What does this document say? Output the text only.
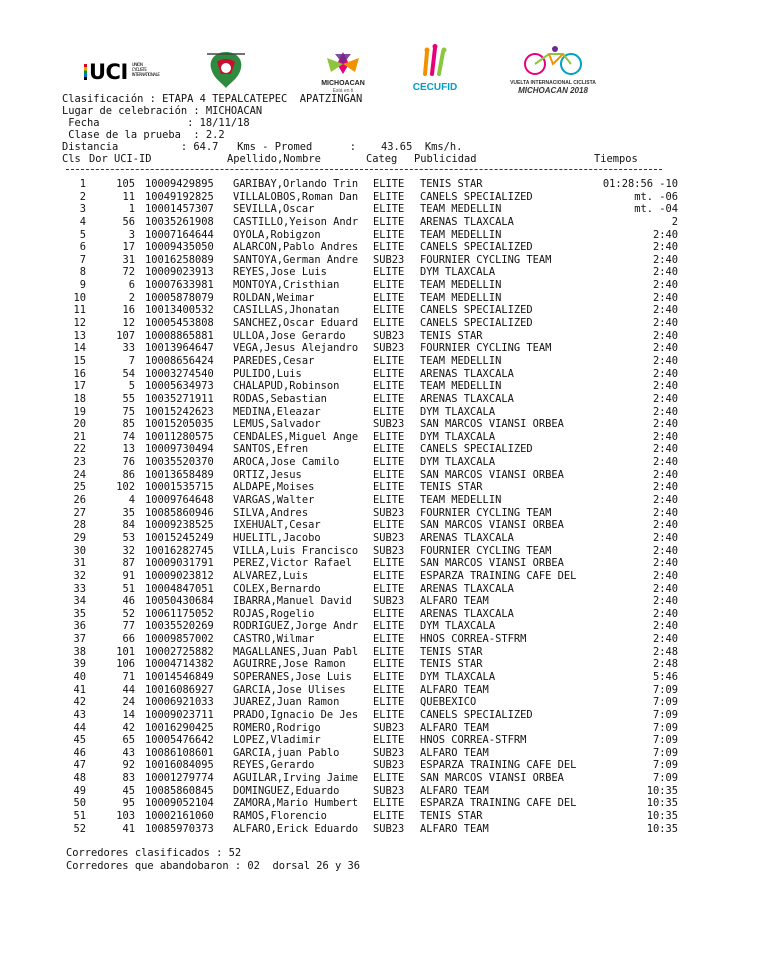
UCI UNION CYCLISTE INTERNATIONALE
MICHOACAN
Está en ti	CECUFID	VUELTA INTERNACIONAL CICLISTA
MICHOACAN 2018
Clasificación : ETAPA 4 TEPALCATEPEC  APATZINGAN
Lugar de celebración : MICHOACAN
Fecha              : 18/11/18
Clase de la prueba  : 2.2
Distancia          : 64.7   Kms - Promed      :    43.65  Kms/h.
Cls Dor UCI-ID	Apellido,Nombre	Categ Publicidad	Tiempos
1	105 10009429895 GARIBAY,Orlando Trin	ELITE TENIS STAR	01:28:56 -10
2	11 10049192825 VILLALOBOS,Roman Dan	ELITE CANELS SPECIALIZED	mt. -06
3	1 10001457307 SEVILLA,Oscar	ELITE TEAM MEDELLIN	mt. -04
4	56 10035261908 CASTILLO,Yeison Andr	ELITE ARENAS TLAXCALA	2
5	3 10007164644 OYOLA,Robigzon	ELITE TEAM MEDELLIN	2:40
6	17 10009435050 ALARCON,Pablo Andres	ELITE CANELS SPECIALIZED	2:40
7	31 10016258089 SANTOYA,German Andre	SUB23 FOURNIER CYCLING TEAM	2:40
8	72 10009023913 REYES,Jose Luis	ELITE DYM TLAXCALA	2:40
9	6 10007633981 MONTOYA,Cristhian	ELITE TEAM MEDELLIN	2:40
10	2 10005878079 ROLDAN,Weimar	ELITE TEAM MEDELLIN	2:40
11	16 10013400532 CASILLAS,Jhonatan	ELITE CANELS SPECIALIZED	2:40
12	12 10005453808 SANCHEZ,Oscar Eduard	ELITE CANELS SPECIALIZED	2:40
13	107 10008865881 ULLOA,Jose Gerardo	SUB23 TENIS STAR	2:40
14	33 10013964647 VEGA,Jesus Alejandro	SUB23 FOURNIER CYCLING TEAM	2:40
15	7 10008656424 PAREDES,Cesar	ELITE TEAM MEDELLIN	2:40
16	54 10003274540 PULIDO,Luis	ELITE ARENAS TLAXCALA	2:40
17	5 10005634973 CHALAPUD,Robinson	ELITE TEAM MEDELLIN	2:40
18	55 10035271911 RODAS,Sebastian	ELITE ARENAS TLAXCALA	2:40
19	75 10015242623 MEDINA,Eleazar	ELITE DYM TLAXCALA	2:40
20	85 10015205035 LEMUS,Salvador	SUB23 SAN MARCOS VIANSI ORBEA	2:40
21	74 10011280575 CENDALES,Miguel Ange	ELITE DYM TLAXCALA	2:40
22	13 10009730494 SANTOS,Efren	ELITE CANELS SPECIALIZED	2:40
23	76 10035520370 AROCA,Jose Camilo	ELITE DYM TLAXCALA	2:40
24	86 10013658489 ORTIZ,Jesus	ELITE SAN MARCOS VIANSI ORBEA	2:40
25	102 10001535715 ALDAPE,Moises	ELITE TENIS STAR	2:40
26	4 10009764648 VARGAS,Walter	ELITE TEAM MEDELLIN	2:40
27	35 10085860946 SILVA,Andres	SUB23 FOURNIER CYCLING TEAM	2:40
28	84 10009238525 IXEHUALT,Cesar	ELITE SAN MARCOS VIANSI ORBEA	2:40
29	53 10015245249 HUELITL,Jacobo	SUB23 ARENAS TLAXCALA	2:40
30	32 10016282745 VILLA,Luis Francisco	SUB23 FOURNIER CYCLING TEAM	2:40
31	87 10009031791 PEREZ,Victor Rafael	ELITE SAN MARCOS VIANSI ORBEA	2:40
32	91 10009023812 ALVAREZ,Luis	ELITE ESPARZA TRAINING CAFE DEL	2:40
33	51 10004847051 COLEX,Bernardo	ELITE ARENAS TLAXCALA	2:40
34	46 10050430684 IBARRA,Manuel David	SUB23 ALFARO TEAM	2:40
35	52 10061175052 ROJAS,Rogelio	ELITE ARENAS TLAXCALA	2:40
36	77 10035520269 RODRIGUEZ,Jorge Andr	ELITE DYM TLAXCALA	2:40
37	66 10009857002 CASTRO,Wilmar	ELITE HNOS CORREA-STFRM	2:40
38	101 10002725882 MAGALLANES,Juan Pabl	ELITE TENIS STAR	2:48
39	106 10004714382 AGUIRRE,Jose Ramon	ELITE TENIS STAR	2:48
40	71 10014546849 SOPERANES,Jose Luis	ELITE DYM TLAXCALA	5:46
41	44 10016086927 GARCIA,Jose Ulises	ELITE ALFARO TEAM	7:09
42	24 10006921033 JUAREZ,Juan Ramon	ELITE QUEBEXICO	7:09
43	14 10009023711 PRADO,Ignacio De Jes	ELITE CANELS SPECIALIZED	7:09
44	42 10016290425 ROMERO,Rodrigo	SUB23 ALFARO TEAM	7:09
45	65 10005476642 LOPEZ,Vladimir	ELITE HNOS CORREA-STFRM	7:09
46	43 10086108601 GARCIA,juan Pablo	SUB23 ALFARO TEAM	7:09
47	92 10016084095 REYES,Gerardo	SUB23 ESPARZA TRAINING CAFE DEL	7:09
48	83 10001279774 AGUILAR,Irving Jaime	ELITE SAN MARCOS VIANSI ORBEA	7:09
49	45 10085860845 DOMINGUEZ,Eduardo	SUB23 ALFARO TEAM	10:35
50	95 10009052104 ZAMORA,Mario Humbert	ELITE ESPARZA TRAINING CAFE DEL	10:35
51	103 10002161060 RAMOS,Florencio	ELITE TENIS STAR	10:35
52	41 10085970373 ALFARO,Erick Eduardo	SUB23 ALFARO TEAM	10:35
Corredores clasificados : 52
Corredores que abandobaron : 02  dorsal 26 y 36
